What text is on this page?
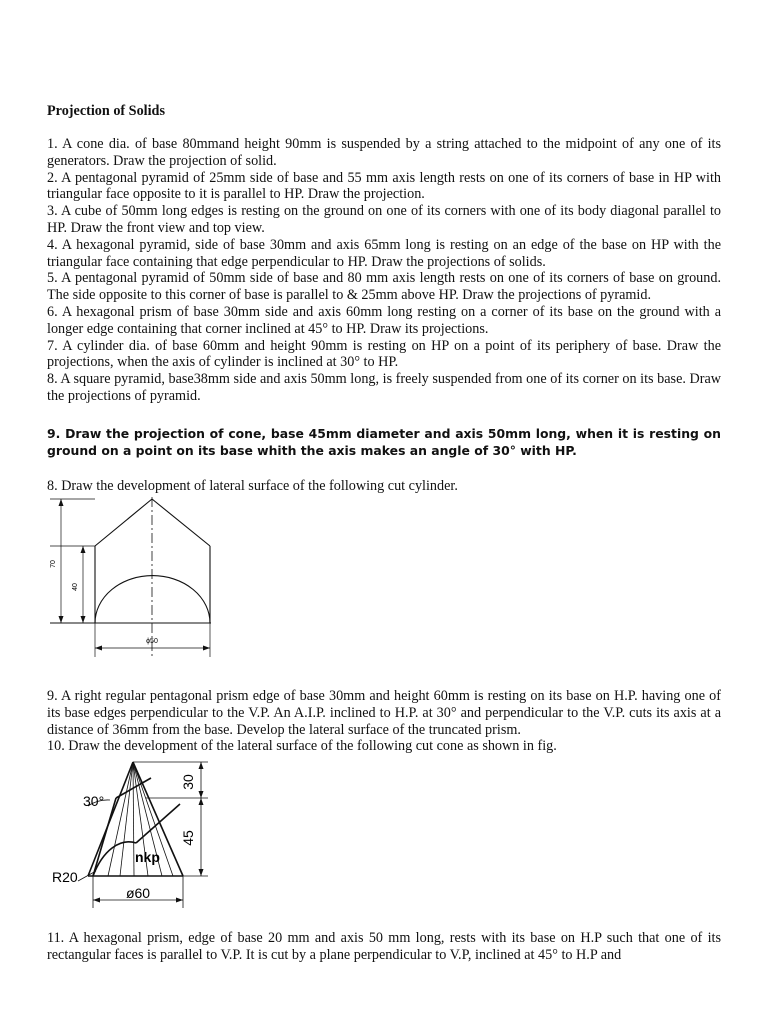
Projection of Solids

1. A cone dia. of base 80mmand height 90mm is suspended by a string attached to the midpoint of any one of its generators. Draw the projection of solid.

2. A pentagonal pyramid of 25mm side of base and 55 mm axis length rests on one of its corners of base in HP with triangular face opposite to it is parallel to HP. Draw the projection.

3. A cube of 50mm long edges is resting on the ground on one of its corners with one of its body diagonal parallel to HP. Draw the front view and top view.

4. A hexagonal pyramid, side of base 30mm and axis 65mm long is resting on an edge of the base on HP with the triangular face containing that edge perpendicular to HP. Draw the projections of solids.

5. A pentagonal pyramid of 50mm side of base and 80 mm axis length rests on one of its corners of base on ground. The side opposite to this corner of base is parallel to & 25mm above HP. Draw the projections of pyramid.

6. A hexagonal prism of base 30mm side and axis 60mm long resting on a corner of its base on the ground with a longer edge containing that corner inclined at 45° to HP. Draw its projections.

7. A cylinder dia. of base 60mm and height 90mm is resting on HP on a point of its periphery of base. Draw the projections, when the axis of cylinder is inclined at 30° to HP.

8. A square pyramid, base38mm side and axis 50mm long, is freely suspended from one of its corner on its base. Draw the projections of pyramid.

9. Draw the projection of cone, base 45mm diameter and axis 50mm long, when it is resting on ground on a point on its base whith the axis makes an angle of 30° with HP.
8. Draw the development of lateral surface of the following cut cylinder.
70
40
ϕ50

9. A right regular pentagonal prism edge of base 30mm and height 60mm is resting on its base on H.P. having one of its base edges perpendicular to the V.P. An A.I.P. inclined to H.P. at 30° and perpendicular to the V.P. cuts its axis at a distance of 36mm from the base. Develop the lateral surface of the truncated prism.

10. Draw the development of the lateral surface of the following cut cone as shown in fig.

30°
30
45
R20
ø60
nkp
11. A hexagonal prism, edge of base 20 mm and axis 50 mm long, rests with its base on H.P such that one of its rectangular faces is parallel to V.P. It is cut by a plane perpendicular to V.P, inclined at 45° to H.P and
